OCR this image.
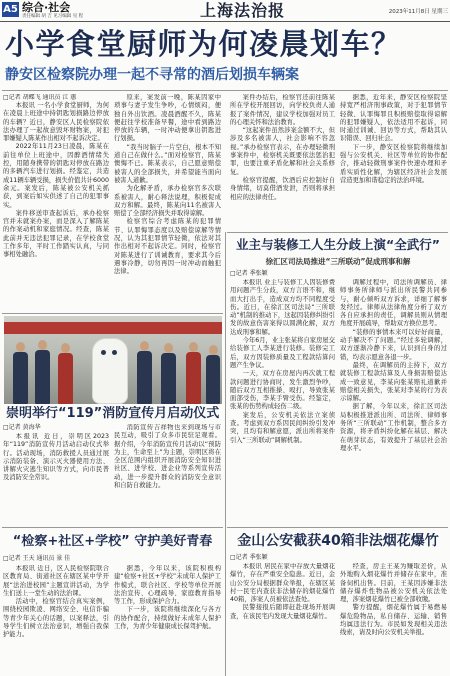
A5 综合·社会
责任编辑 胡 吉 见习编辑 见 程	上海法治报	2023年11月8日 星期三
小学食堂厨师为何凌晨划车？
静安区检察院办理一起不寻常的酒后划损车辆案
□记者 胡蝶飞 通讯员 江 蕙

本报讯 一名小学食堂厨师，为何在凌晨上班途中持钥匙划损路边停放的车辆？近日，静安区人民检察院依法办理了一起故意毁坏财物案，对犯罪嫌疑人陈某作出相对不起诉决定。

2022年11月23日凌晨，陈某在前往单位上班途中，因醉酒情绪失控，用随身携带的钥匙对停放在路边的多辆汽车进行划损。经鉴定，共造成11辆车辆受损，损失价值共计6000余元。案发后，陈某被公安机关抓获，到案后如实供述了自己的犯罪事实。

案件移送审查起诉后，承办检察官并未就案办案，而是深入了解陈某的作案动机和家庭情况。经查，陈某此前并无违法犯罪记录，在学校食堂工作多年，平时工作踏实认真，与同事相处融洽。

原来，案发前一晚，陈某因家中琐事与妻子发生争吵，心情烦闷，便独自外出饮酒。凌晨酒醒不久，陈某便赶往学校准备早餐，途中看到路边停放的车辆，一时冲动便拿出钥匙进行划损。

“我当时脑子一片空白，根本不知道自己在做什么。”面对检察官，陈某懊悔不已。陈某表示，自己愿意赔偿被害人的全部损失，并希望能当面向被害人道歉。

为化解矛盾，承办检察官多次联系被害人，耐心释法说理，积极促成双方和解。最终，陈某向11名被害人赔偿了全部经济损失并取得谅解。

检察官综合考虑陈某的犯罪情节、认罪悔罪态度以及赔偿谅解等情况，认为其犯罪情节轻微，依法对其作出相对不起诉决定。同时，检察官对陈某进行了训诫教育，要求其今后遇事冷静，切勿再因一时冲动而触犯法律。

案件办结后，检察官还前往陈某所在学校开展回访，向学校负责人通报了案件情况，建议学校加强对员工的心理关怀和法治教育。

“这起案件虽然涉案金额不大，但涉及多名被害人，社会影响不容忽视。”承办检察官表示，在办理轻微刑事案件中，检察机关既要依法惩治犯罪，也要注重矛盾化解和社会关系修复。

检察官提醒，饮酒后应控制好自身情绪，切莫借酒发泄，否则将承担相应的法律责任。

据悉，近年来，静安区检察院坚持宽严相济刑事政策，对于犯罪情节轻微、认罪悔罪且积极赔偿取得谅解的犯罪嫌疑人，依法适用不起诉，同时通过训诫、回访等方式，帮助其认识错误、回归社会。

下一步，静安区检察院将继续加强与公安机关、社区等单位的协作配合，推动轻微刑事案件快速办理和矛盾实质性化解，为辖区经济社会发展营造更加和谐稳定的法治环境。

崇明举行“119”消防宣传月启动仪式
□记者 黄海华

本报讯 近日，崇明区2023年“119”消防宣传月活动启动仪式举行。活动现场，消防救援人员通过展示消防装备、演示灭火器使用方法、讲解火灾逃生知识等方式，向市民普及消防安全常识。

消防宣传吉祥物也来到现场与市民互动，吸引了众多市民驻足观看。据介绍，今年消防宣传月活动以“预防为主，生命至上”为主题，崇明区将在全区范围内组织开展消防安全知识进社区、进学校、进企业等系列宣传活动，进一步提升群众的消防安全意识和自防自救能力。

“检察+社区+学校” 守护美好青春
□记者 王天 通讯员 景 佳

本报讯 近日，区人民检察院联合区教育局、街道社区在辖区某中学开展“法治进校园”主题宣讲活动，为学生们送上一堂生动的法治课。

活动中，检察官结合真实案例，围绕校园欺凌、网络安全、电信诈骗等青少年关心的话题，以案释法，引导学生们树立法治意识，增强自我保护能力。

据悉，今年以来，该院积极构建“检察+社区+学校”未成年人保护工作模式，联合社区、学校等单位开展法治宣传、心理疏导、家庭教育指导等工作，形成保护合力。

下一步，该院将继续深化与各方的协作配合，持续做好未成年人保护工作，为青少年健康成长保驾护航。

业主与装修工人生分歧上演“全武行”
徐汇区司法局推进“三所联动”促成刑事和解
□记者 季张颖

本报讯 业主与装修工人因装修费用问题产生分歧，双方言语不和，继而大打出手，造成双方均不同程度受伤。近日，在徐汇区司法局“三所联动”机制的推动下，这起因装修纠纷引发的故意伤害案得以圆满化解，双方达成刑事和解。

今年6月，业主张某将自家房屋交给装修工人李某进行装修。装修完工后，双方因装修质量及工程款结算问题产生争议。

一天，双方在房屋内再次就工程款问题进行协商时，发生激烈争吵，随后双方互相推搡、殴打，导致张某面部受伤，李某手臂受伤。经鉴定，张某的伤势构成轻伤二级。

案发后，公安机关依法立案侦查。考虑到双方系因民间纠纷引发冲突，且均有和解意愿，派出所将案件引入“三所联动”调解机制。

调解过程中，司法所调解员、律师事务所律师与派出所民警共同参与，耐心倾听双方诉求，详细了解事发经过。律师从法律角度分析了双方各自应承担的责任，调解员则从情理角度开展疏导，帮助双方换位思考。

“装修的事情本来可以好好商量，动手解决不了问题。”经过多轮调解，双方逐渐冷静下来，认识到自身的过错，均表示愿意各退一步。

最终，在调解员的主持下，双方就装修工程款结算及人身损害赔偿达成一致意见，李某向张某赔礼道歉并赔偿相关损失，张某对李某的行为表示谅解。

据了解，今年以来，徐汇区司法局积极推进派出所、司法所、律师事务所“三所联动”工作机制，整合多方资源，将矛盾纠纷化解在基层、解决在萌芽状态，有效提升了基层社会治理水平。

金山公安截获40箱非法烟花爆竹
□记者 季张颖

本报讯 居民在家中存放大量烟花爆竹，存在严重安全隐患。近日，金山公安分局根据群众举报，在辖区某村一民宅内查获非法储存的烟花爆竹40箱，涉案人员被依法查处。

民警接报后随即赶赴现场开展调查，在该民宅内发现大量烟花爆竹。

经查，房主王某为赚取差价，从外地购入烟花爆竹并储存在家中，准备伺机出售。目前，王某因涉嫌非法储存爆炸性物品被公安机关依法处理，涉案烟花爆竹已被全部收缴。

警方提醒，烟花爆竹属于易燃易爆危险物品，私自储存、运输、销售均属违法行为。市民如发现相关违法线索，请及时向公安机关举报。
